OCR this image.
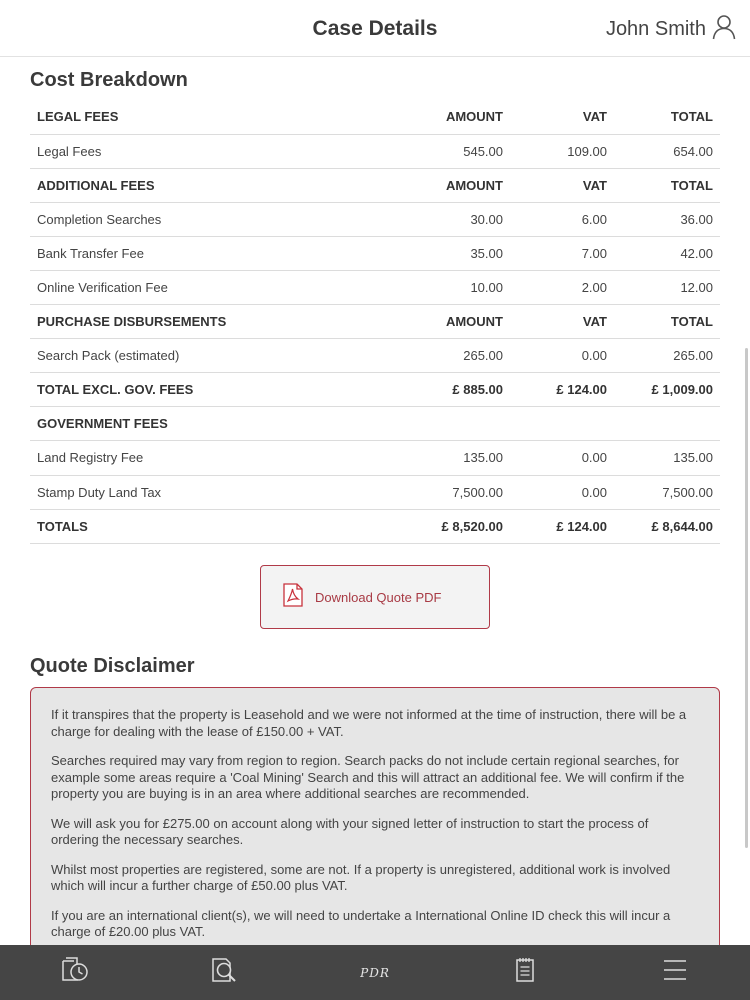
Case Details	John Smith
Cost Breakdown
LEGAL FEES	AMOUNT	VAT	TOTAL
Legal Fees	545.00	109.00	654.00
ADDITIONAL FEES	AMOUNT	VAT	TOTAL
Completion Searches	30.00	6.00	36.00
Bank Transfer Fee	35.00	7.00	42.00
Online Verification Fee	10.00	2.00	12.00
PURCHASE DISBURSEMENTS	AMOUNT	VAT	TOTAL
Search Pack (estimated)	265.00	0.00	265.00
TOTAL EXCL. GOV. FEES	£ 885.00	£ 124.00	£ 1,009.00
GOVERNMENT FEES			
Land Registry Fee	135.00	0.00	135.00
Stamp Duty Land Tax	7,500.00	0.00	7,500.00
TOTALS	£ 8,520.00	£ 124.00	£ 8,644.00
Download Quote PDF
Quote Disclaimer

If it transpires that the property is Leasehold and we were not informed at the time of instruction, there will be a charge for dealing with the lease of £150.00 + VAT.

Searches required may vary from region to region. Search packs do not include certain regional searches, for example some areas require a 'Coal Mining' Search and this will attract an additional fee. We will confirm if the property you are buying is in an area where additional searches are recommended.

We will ask you for £275.00 on account along with your signed letter of instruction to start the process of ordering the necessary searches.

Whilst most properties are registered, some are not. If a property is unregistered, additional work is involved which will incur a further charge of £50.00 plus VAT.

If you are an international client(s), we will need to undertake a International Online ID check this will incur a charge of £20.00 plus VAT.

PDR
